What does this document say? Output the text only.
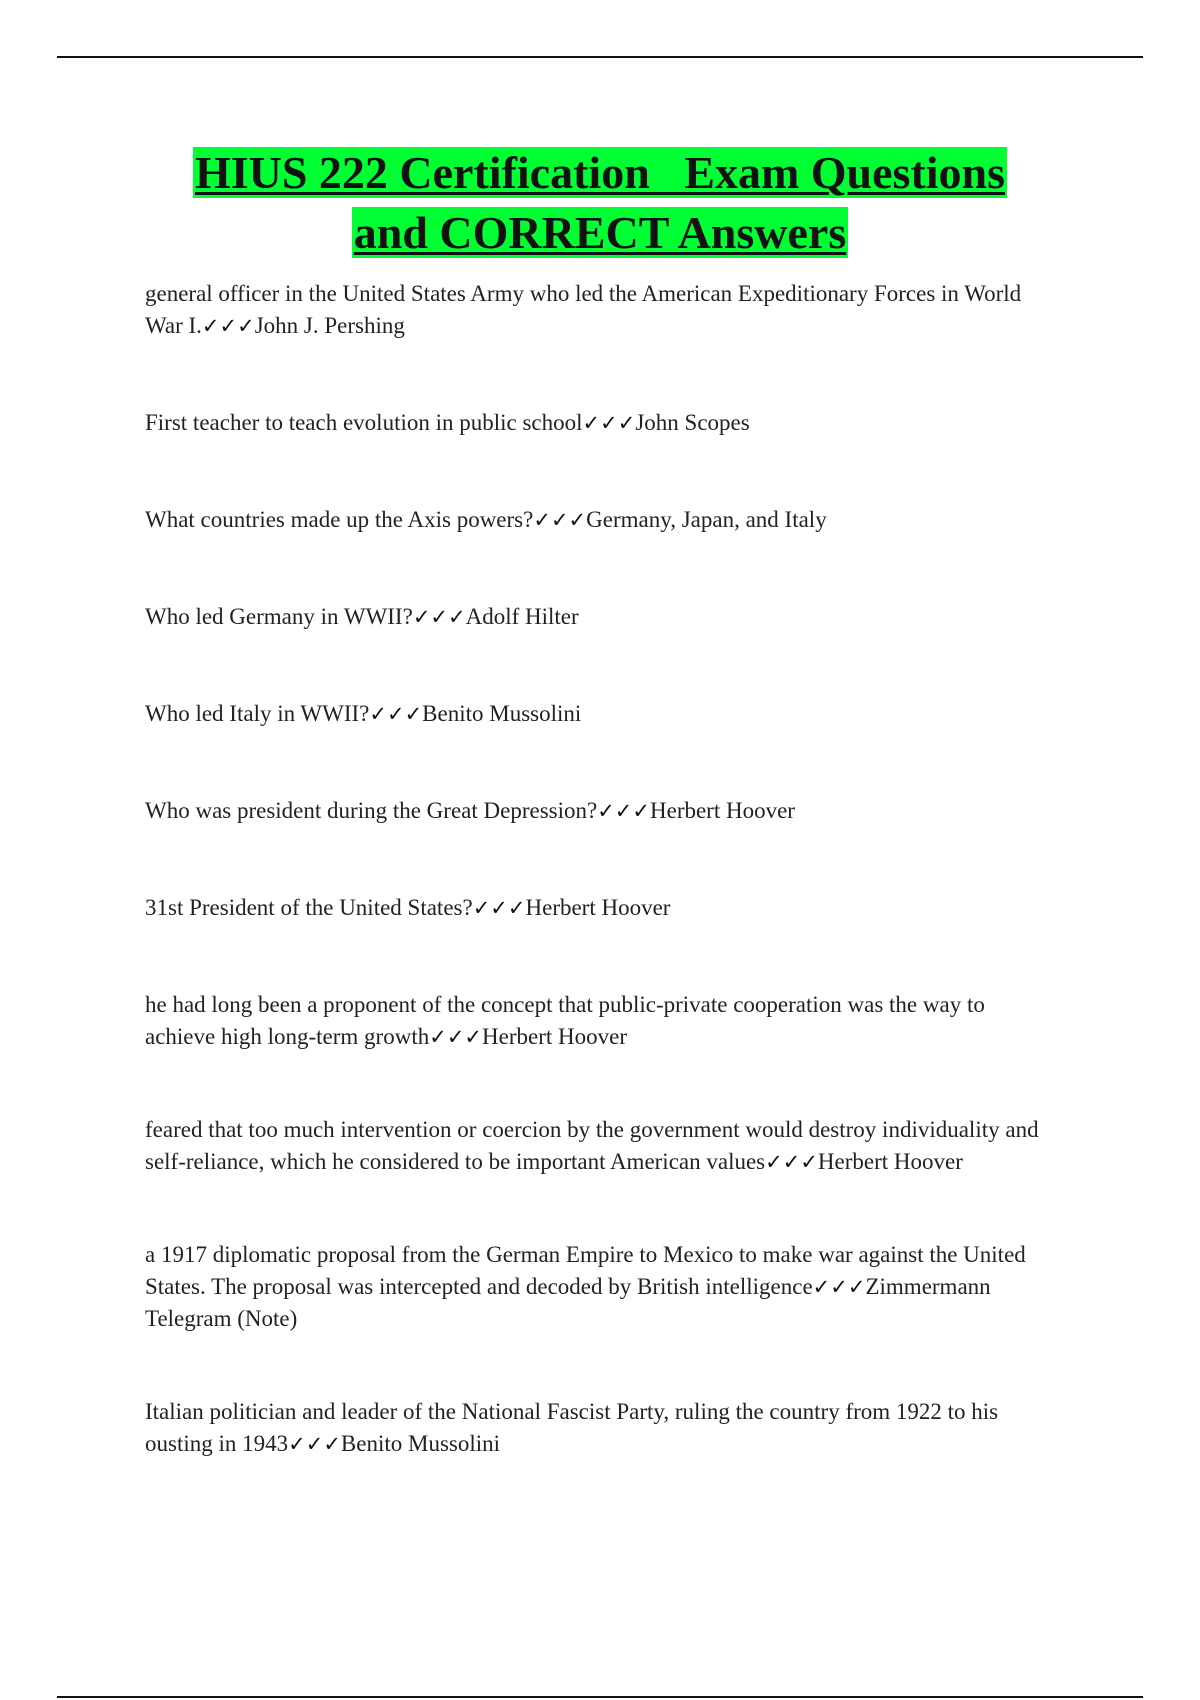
HIUS 222 Certification   Exam Questions
and CORRECT Answers
general officer in the United States Army who led the American Expeditionary Forces in World War I.✓✓✓John J. Pershing
First teacher to teach evolution in public school✓✓✓John Scopes
What countries made up the Axis powers?✓✓✓Germany, Japan, and Italy
Who led Germany in WWII?✓✓✓Adolf Hilter
Who led Italy in WWII?✓✓✓Benito Mussolini
Who was president during the Great Depression?✓✓✓Herbert Hoover
31st President of the United States?✓✓✓Herbert Hoover
he had long been a proponent of the concept that public-private cooperation was the way to achieve high long-term growth✓✓✓Herbert Hoover
feared that too much intervention or coercion by the government would destroy individuality and self-reliance, which he considered to be important American values✓✓✓Herbert Hoover
a 1917 diplomatic proposal from the German Empire to Mexico to make war against the United States. The proposal was intercepted and decoded by British intelligence✓✓✓Zimmermann Telegram (Note)
Italian politician and leader of the National Fascist Party, ruling the country from 1922 to his ousting in 1943✓✓✓Benito Mussolini
